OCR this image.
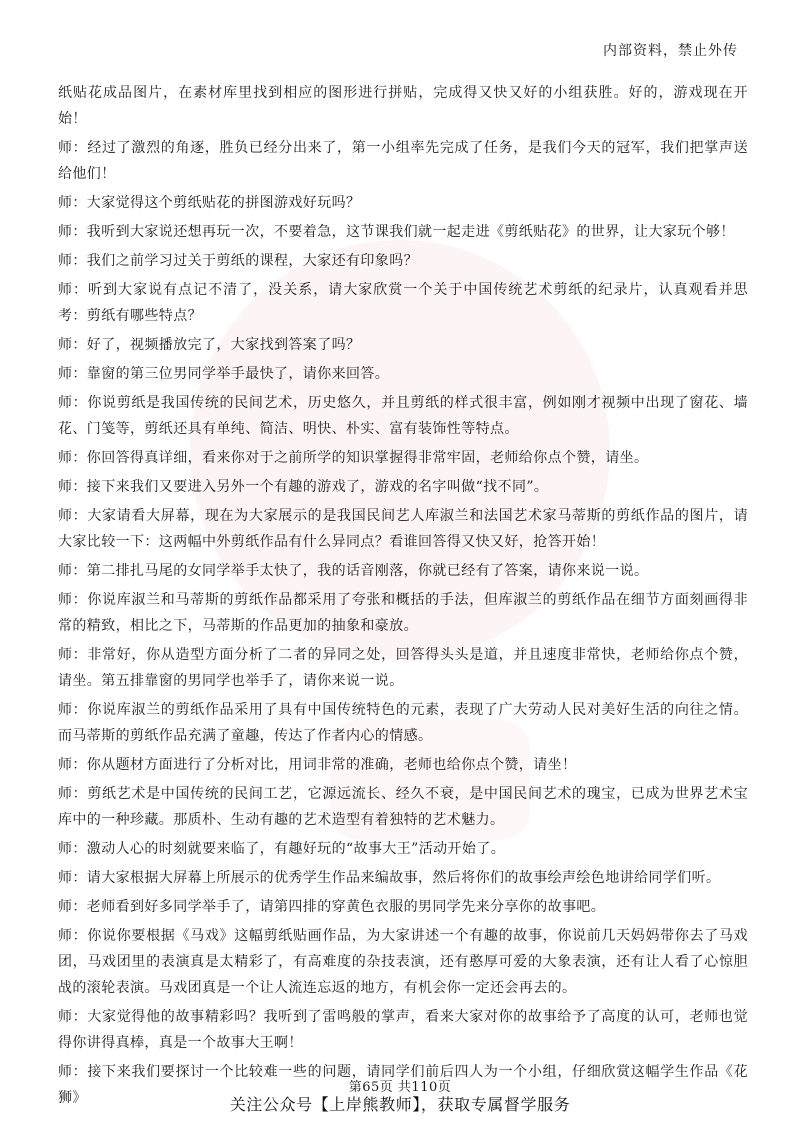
内部资料，禁止外传

纸贴花成品图片，在素材库里找到相应的图形进行拼贴，完成得又快又好的小组获胜。好的，游戏现在开始！

师：经过了激烈的角逐，胜负已经分出来了，第一小组率先完成了任务，是我们今天的冠军，我们把掌声送给他们！

师：大家觉得这个剪纸贴花的拼图游戏好玩吗？

师：我听到大家说还想再玩一次，不要着急，这节课我们就一起走进《剪纸贴花》的世界，让大家玩个够！

师：我们之前学习过关于剪纸的课程，大家还有印象吗？

师：听到大家说有点记不清了，没关系，请大家欣赏一个关于中国传统艺术剪纸的纪录片，认真观看并思考：剪纸有哪些特点？

师：好了，视频播放完了，大家找到答案了吗？

师：靠窗的第三位男同学举手最快了，请你来回答。

师：你说剪纸是我国传统的民间艺术，历史悠久，并且剪纸的样式很丰富，例如刚才视频中出现了窗花、墙花、门笺等，剪纸还具有单纯、简洁、明快、朴实、富有装饰性等特点。

师：你回答得真详细，看来你对于之前所学的知识掌握得非常牢固，老师给你点个赞，请坐。

师：接下来我们又要进入另外一个有趣的游戏了，游戏的名字叫做“找不同”。

师：大家请看大屏幕，现在为大家展示的是我国民间艺人库淑兰和法国艺术家马蒂斯的剪纸作品的图片，请大家比较一下：这两幅中外剪纸作品有什么异同点？看谁回答得又快又好，抢答开始！

师：第二排扎马尾的女同学举手太快了，我的话音刚落，你就已经有了答案，请你来说一说。

师：你说库淑兰和马蒂斯的剪纸作品都采用了夸张和概括的手法，但库淑兰的剪纸作品在细节方面刻画得非常的精致，相比之下，马蒂斯的作品更加的抽象和豪放。

师：非常好，你从造型方面分析了二者的异同之处，回答得头头是道，并且速度非常快，老师给你点个赞，请坐。第五排靠窗的男同学也举手了，请你来说一说。

师：你说库淑兰的剪纸作品采用了具有中国传统特色的元素，表现了广大劳动人民对美好生活的向往之情。而马蒂斯的剪纸作品充满了童趣，传达了作者内心的情感。

师：你从题材方面进行了分析对比，用词非常的准确，老师也给你点个赞，请坐！

师：剪纸艺术是中国传统的民间工艺，它源远流长、经久不衰，是中国民间艺术的瑰宝，已成为世界艺术宝库中的一种珍藏。那质朴、生动有趣的艺术造型有着独特的艺术魅力。

师：激动人心的时刻就要来临了，有趣好玩的“故事大王”活动开始了。

师：请大家根据大屏幕上所展示的优秀学生作品来编故事，然后将你们的故事绘声绘色地讲给同学们听。

师：老师看到好多同学举手了，请第四排的穿黄色衣服的男同学先来分享你的故事吧。

师：你说你要根据《马戏》这幅剪纸贴画作品，为大家讲述一个有趣的故事，你说前几天妈妈带你去了马戏团，马戏团里的表演真是太精彩了，有高难度的杂技表演，还有憨厚可爱的大象表演，还有让人看了心惊胆战的滚轮表演。马戏团真是一个让人流连忘返的地方，有机会你一定还会再去的。

师：大家觉得他的故事精彩吗？我听到了雷鸣般的掌声，看来大家对你的故事给予了高度的认可，老师也觉得你讲得真棒，真是一个故事大王啊！

师：接下来我们要探讨一个比较难一些的问题，请同学们前后四人为一个小组，仔细欣赏这幅学生作品《花狮》

第65页 共110页
关注公众号【上岸熊教师】，获取专属督学服务
